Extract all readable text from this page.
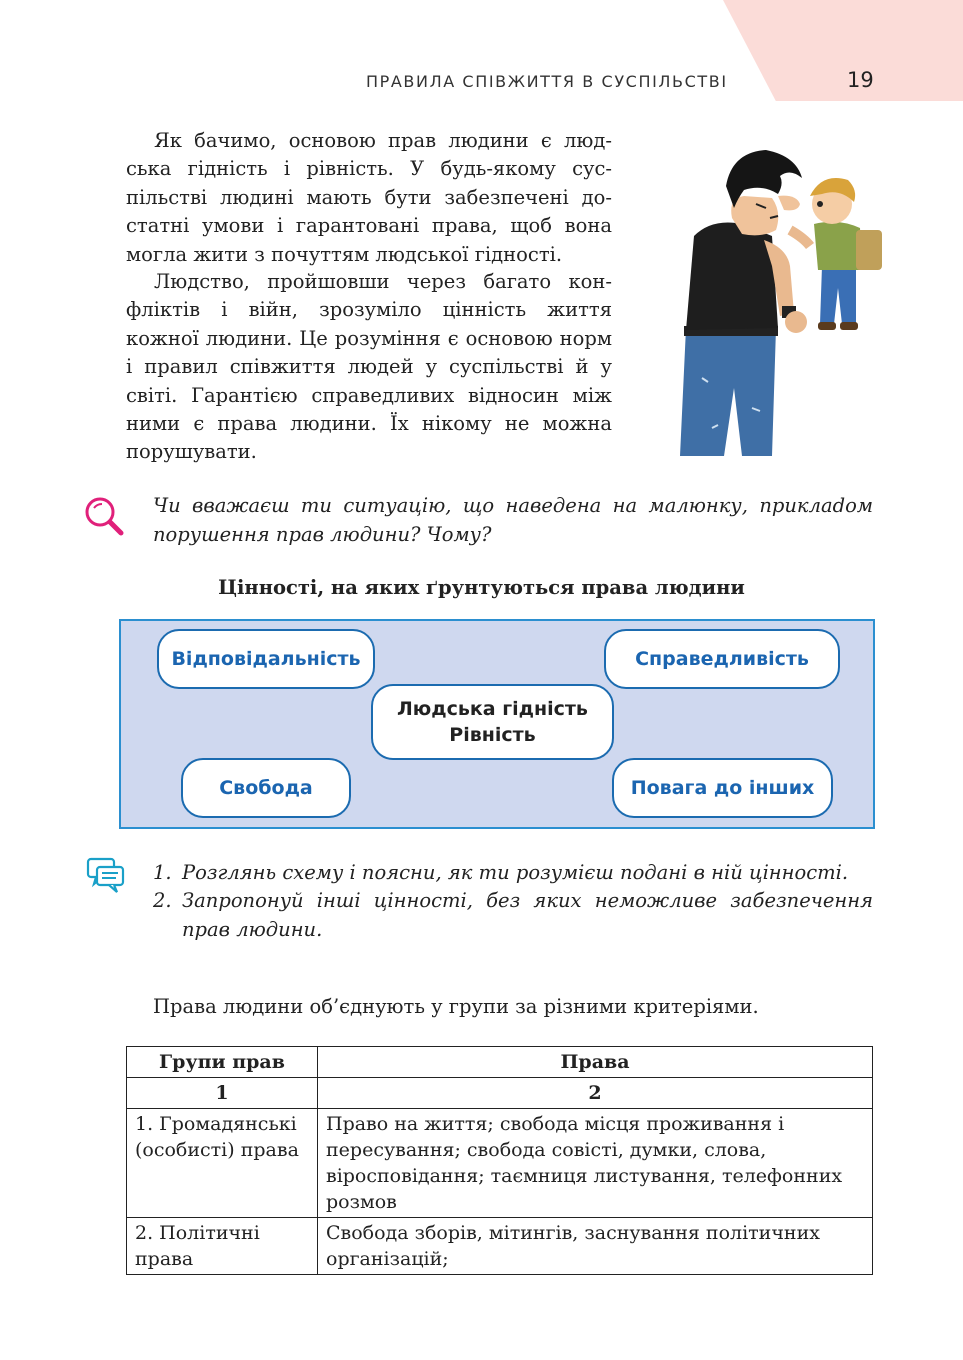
ПРАВИЛА СПІВЖИТТЯ В СУСПІЛЬСТВІ	19

Як бачимо, основою прав людини є людська гідність і рівність. У будь-якому суспільстві людині мають бути забезпечені достатні умови і гарантовані права, щоб вона могла жити з почуттям людської гідності.

Людство, пройшовши через багато конфліктів і війн, зрозуміло цінність життя кожної людини. Це розуміння є основою норм і правил співжиття людей у суспільстві й у світі. Гарантією справедливих відносин між ними є права людини. Їх нікому не можна порушувати.

Чи вважаєш ти ситуацію, що наведена на малюнку, приклаdом порушення прав людини? Чому?

Цінності, на яких ґрунтуються права людини
Відповідальність	Справедливість
Людська гідність
Рівність
Свобода	Повага до інших
1. Розглянь схему і поясни, як ти розумієш подані в ній цінності.
2. Запропонуй інші цінності, без яких неможливе забезпечення прав людини.

Права людини об’єднують у групи за різними критеріями.

Групи прав	Права
1	2
1. Громадянські (особисті) права	Право на життя; свобода місця проживання і пересування; свобода совісті, думки, слова, віросповідання; таємниця листування, телефонних розмов
2. Політичні права	Свобода зборів, мітингів, заснування політичних організацій;
